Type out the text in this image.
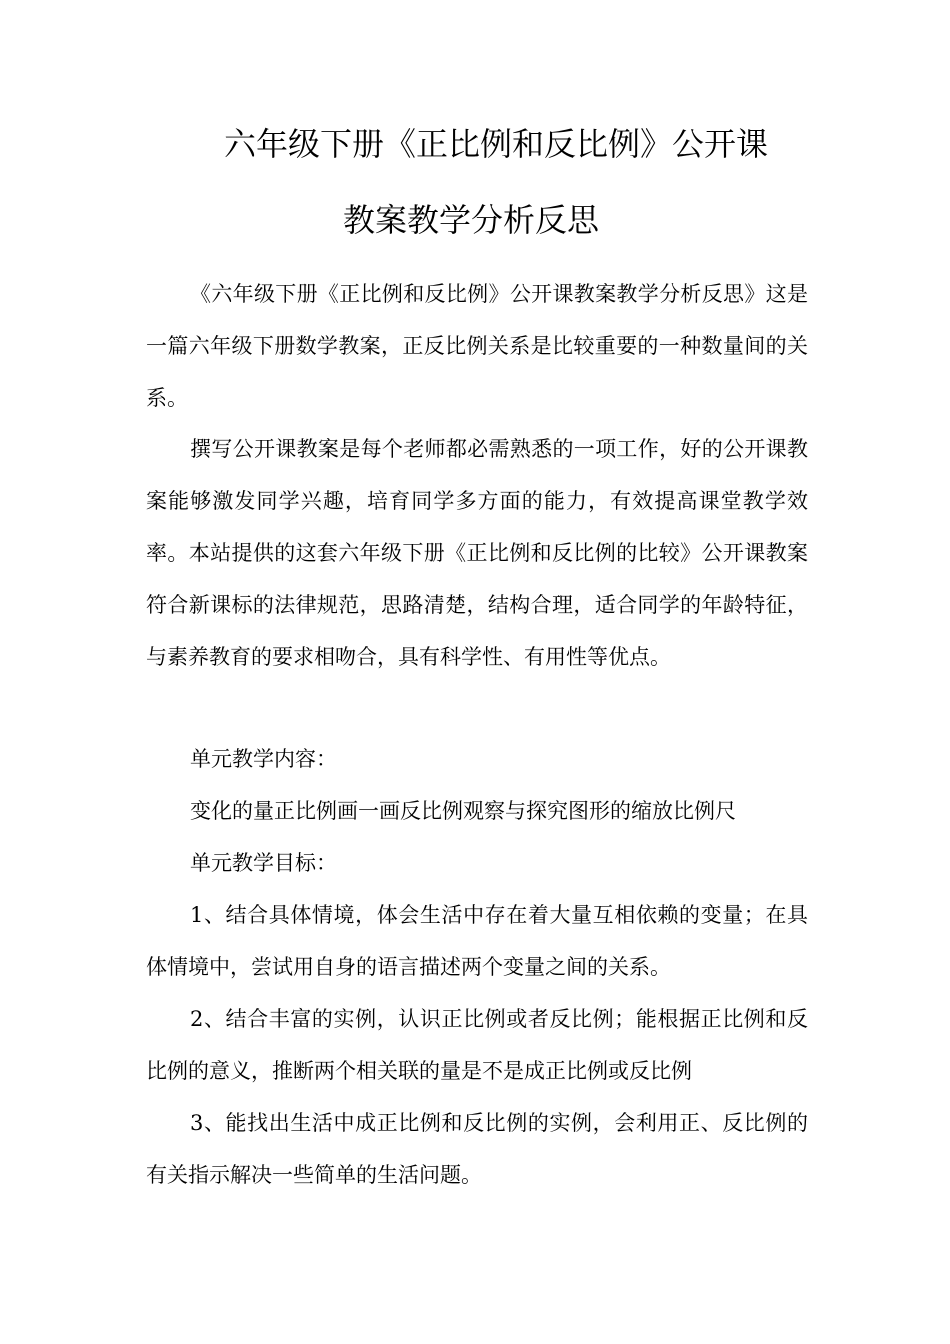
六年级下册《正比例和反比例》公开课
教案教学分析反思

《六年级下册《正比例和反比例》公开课教案教学分析反思》这是一篇六年级下册数学教案，正反比例关系是比较重要的一种数量间的关系。

撰写公开课教案是每个老师都必需熟悉的一项工作，好的公开课教案能够激发同学兴趣，培育同学多方面的能力，有效提高课堂教学效率。本站提供的这套六年级下册《正比例和反比例的比较》公开课教案符合新课标的法律规范，思路清楚，结构合理，适合同学的年龄特征，与素养教育的要求相吻合，具有科学性、有用性等优点。

单元教学内容：

变化的量正比例画一画反比例观察与探究图形的缩放比例尺

单元教学目标：

1、结合具体情境，体会生活中存在着大量互相依赖的变量；在具体情境中，尝试用自身的语言描述两个变量之间的关系。

2、结合丰富的实例，认识正比例或者反比例；能根据正比例和反比例的意义，推断两个相关联的量是不是成正比例或反比例

3、能找出生活中成正比例和反比例的实例，会利用正、反比例的有关指示解决一些简单的生活问题。
